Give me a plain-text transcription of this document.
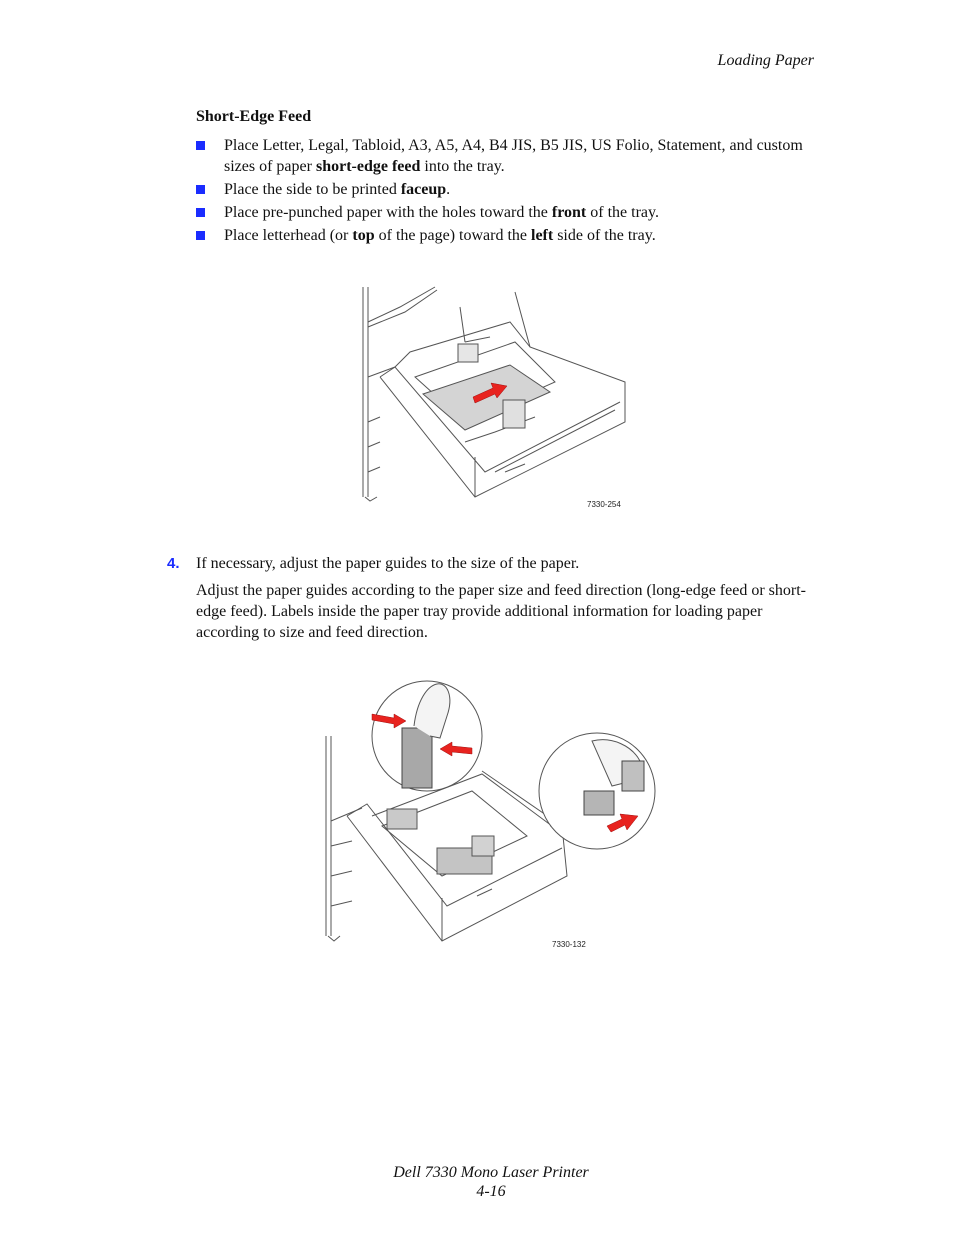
Loading Paper
Short-Edge Feed
Place Letter, Legal, Tabloid, A3, A5, A4, B4 JIS, B5 JIS, US Folio, Statement, and custom sizes of paper short-edge feed into the tray.
Place the side to be printed faceup.
Place pre-punched paper with the holes toward the front of the tray.
Place letterhead (or top of the page) toward the left side of the tray.
7330-254
4. If necessary, adjust the paper guides to the size of the paper.
Adjust the paper guides according to the paper size and feed direction (long-edge feed or short-edge feed). Labels inside the paper tray provide additional information for loading paper according to size and feed direction.
7330-132
Dell 7330 Mono Laser Printer
4-16
